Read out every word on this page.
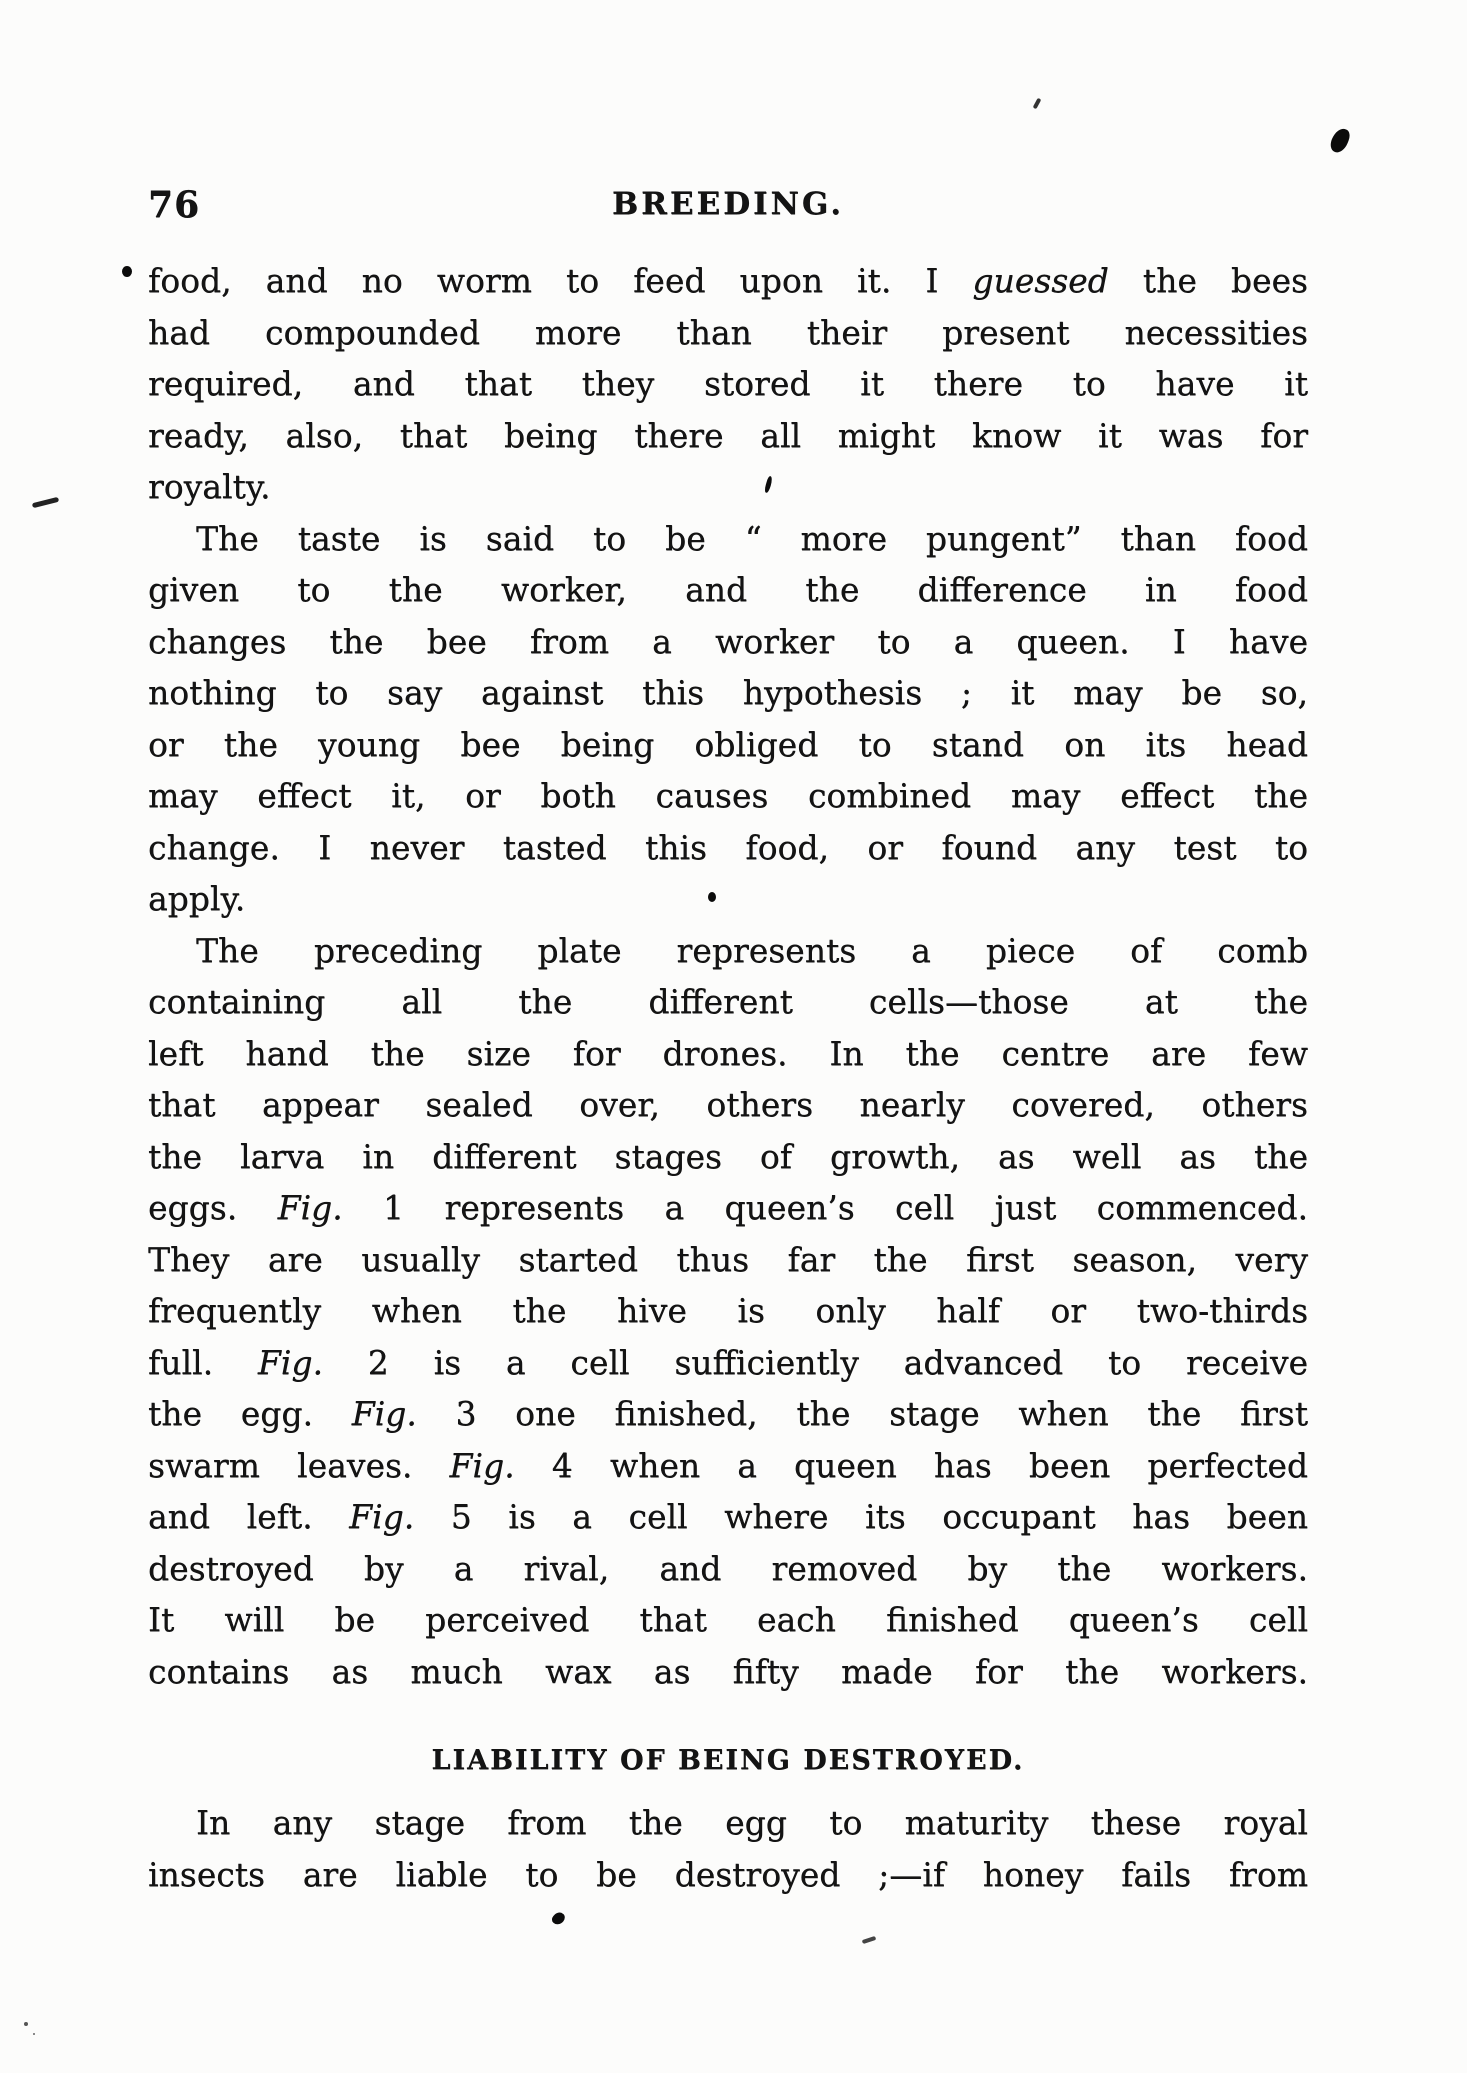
76	BREEDING.
food, and no worm to feed upon it. I guessed the bees
had compounded more than their present necessities
required, and that they stored it there to have it
ready, also, that being there all might know it was for
royalty.
The taste is said to be “ more pungent” than food
given to the worker, and the difference in food
changes the bee from a worker to a queen. I have
nothing to say against this hypothesis ; it may be so,
or the young bee being obliged to stand on its head
may effect it, or both causes combined may effect the
change. I never tasted this food, or found any test to
apply.
The preceding plate represents a piece of comb
containing all the different cells—those at the
left hand the size for drones. In the centre are few
that appear sealed over, others nearly covered, others
the larva in different stages of growth, as well as the
eggs. Fig. 1 represents a queen’s cell just commenced.
They are usually started thus far the first season, very
frequently when the hive is only half or two-thirds
full. Fig. 2 is a cell sufficiently advanced to receive
the egg. Fig. 3 one finished, the stage when the first
swarm leaves. Fig. 4 when a queen has been perfected
and left. Fig. 5 is a cell where its occupant has been
destroyed by a rival, and removed by the workers.
It will be perceived that each finished queen’s cell
contains as much wax as fifty made for the workers.
LIABILITY OF BEING DESTROYED.
In any stage from the egg to maturity these royal
insects are liable to be destroyed ;—if honey fails from
